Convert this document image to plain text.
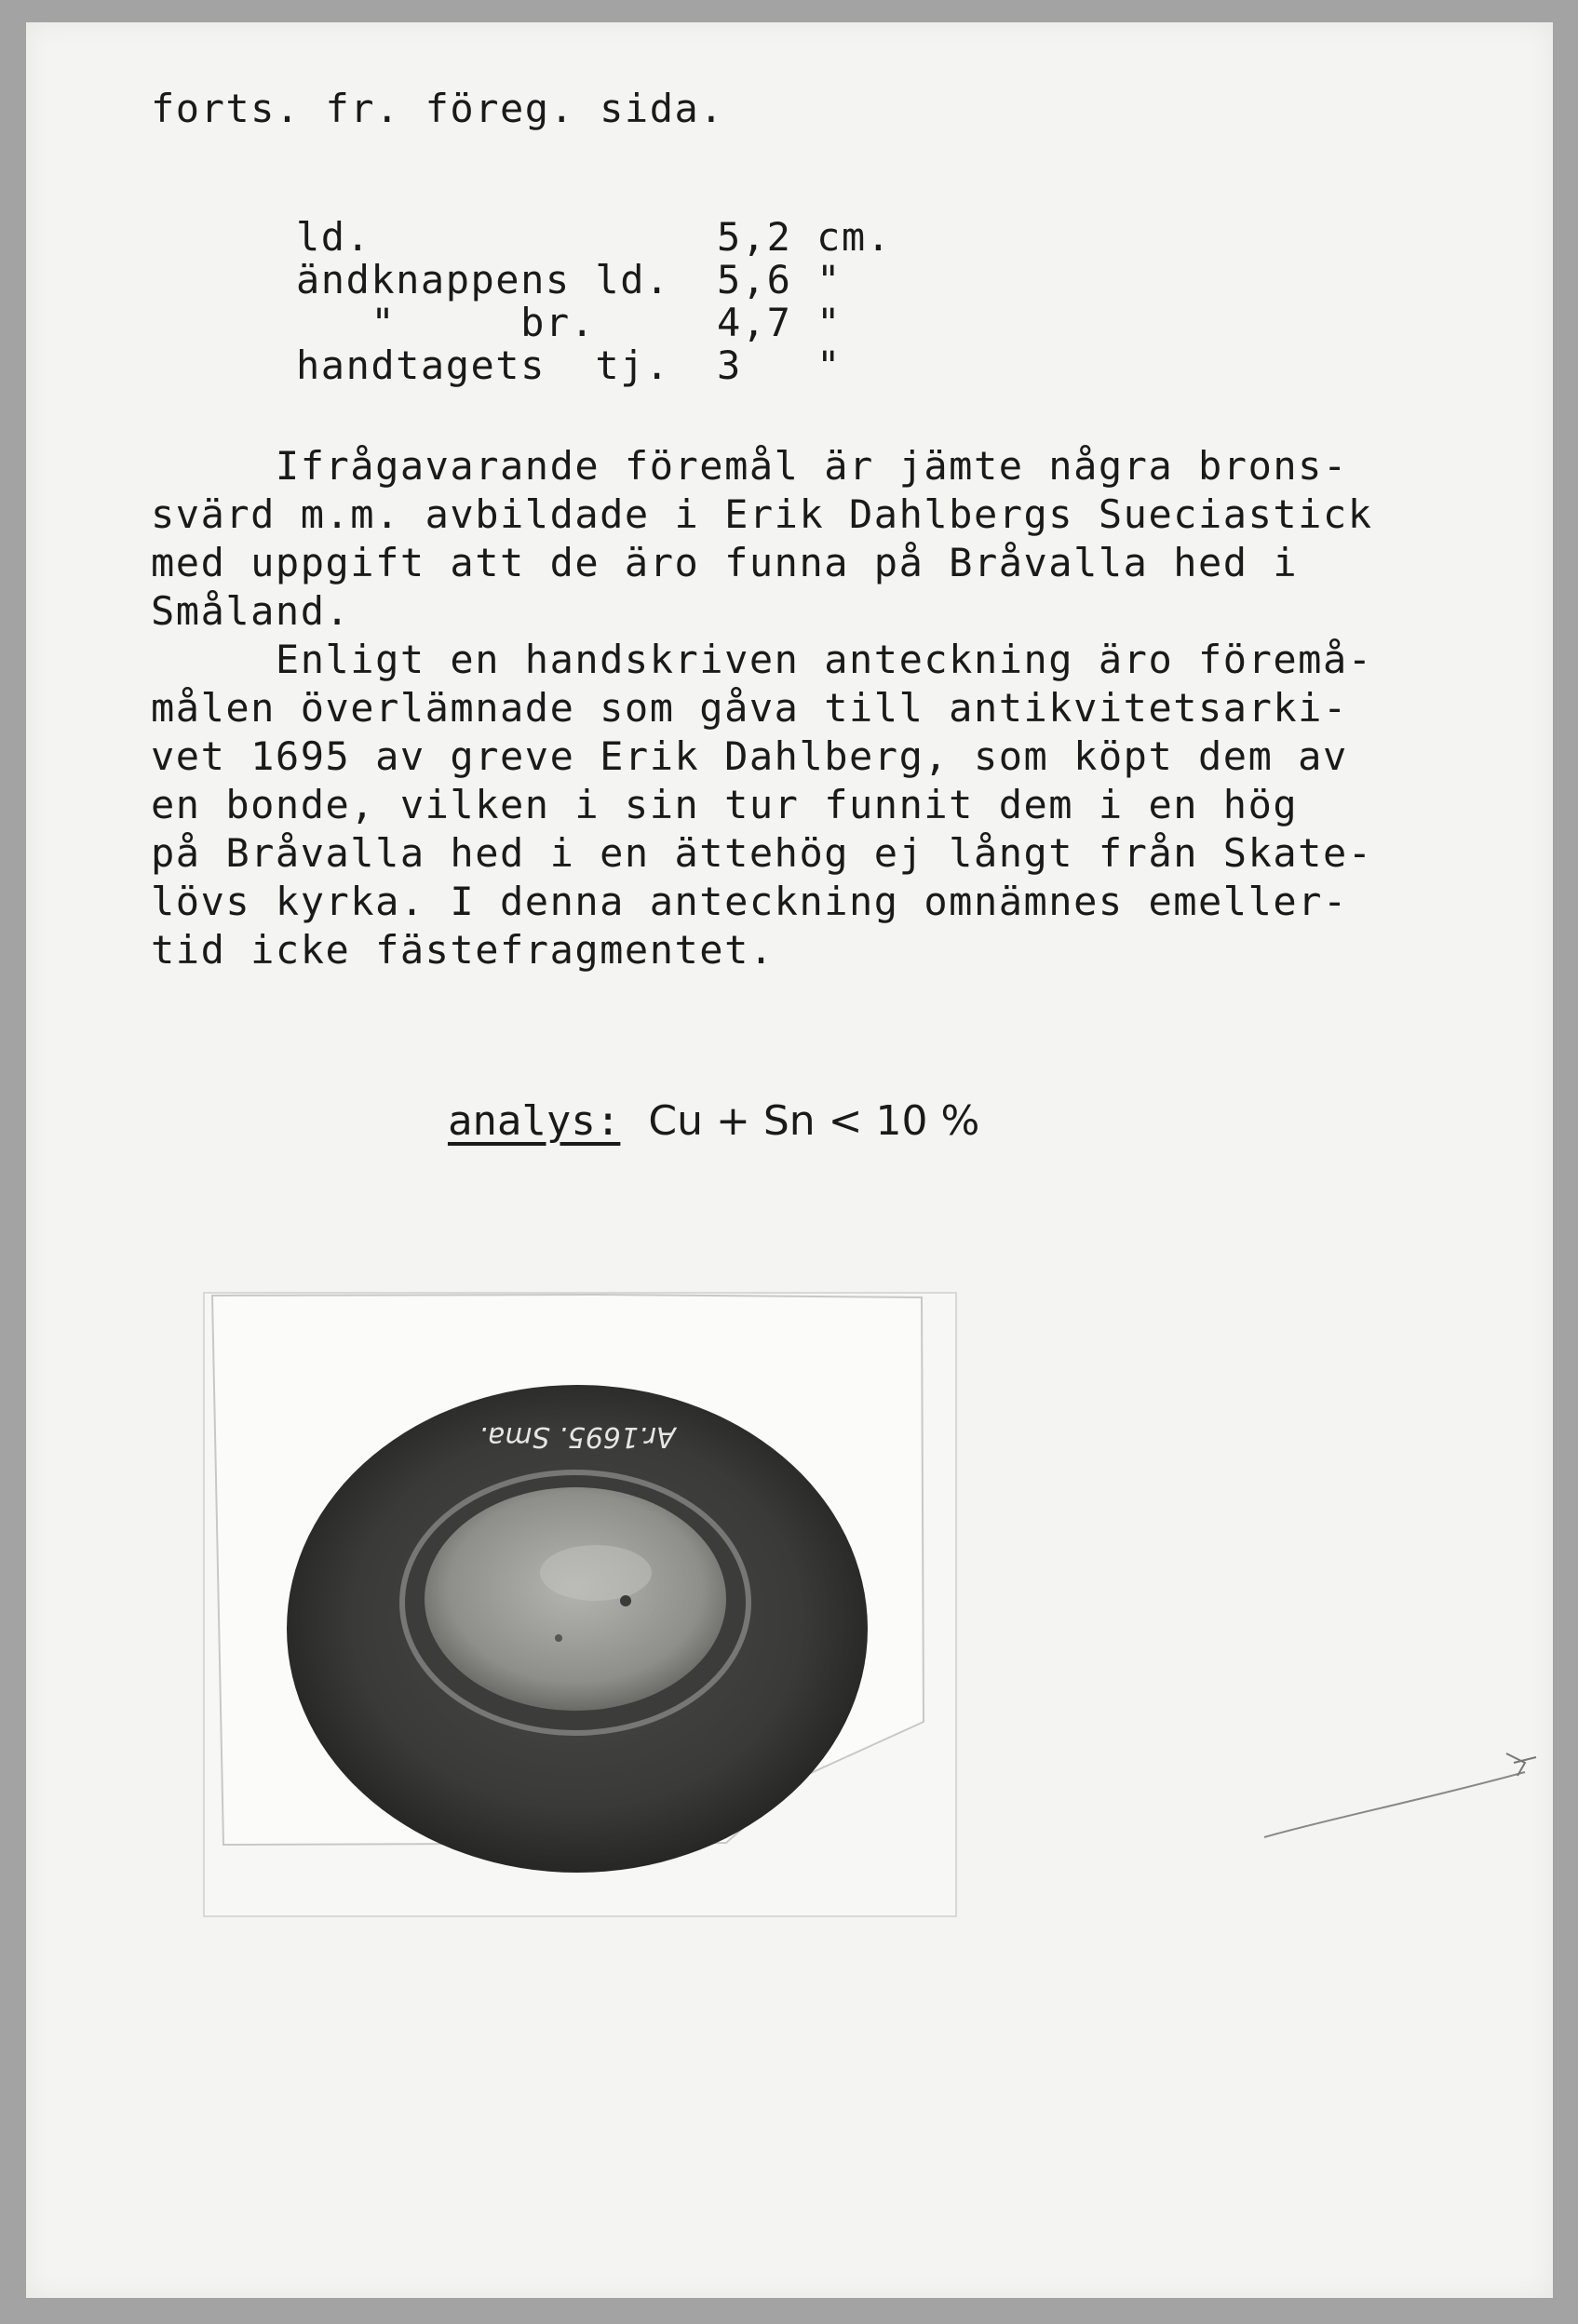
forts. fr. föreg. sida.
ld.	5,2 cm.
ändknappens ld. 5,6 "
"     br.	4,7 "
handtagets  tj. 3   "
Ifrågavarande föremål är jämte några brons-
svärd m.m. avbildade i Erik Dahlbergs Sueciastick
med uppgift att de äro funna på Bråvalla hed i
Småland.
Enligt en handskriven anteckning äro föremå-
målen överlämnade som gåva till antikvitetsarki-
vet 1695 av greve Erik Dahlberg, som köpt dem av
en bonde, vilken i sin tur funnit dem i en hög
på Bråvalla hed i en ättehög ej långt från Skate-
lövs kyrka. I denna anteckning omnämnes emeller-
tid icke fästefragmentet.

analys: Cu + Sn < 10 %

Ar.1695. Sma.
